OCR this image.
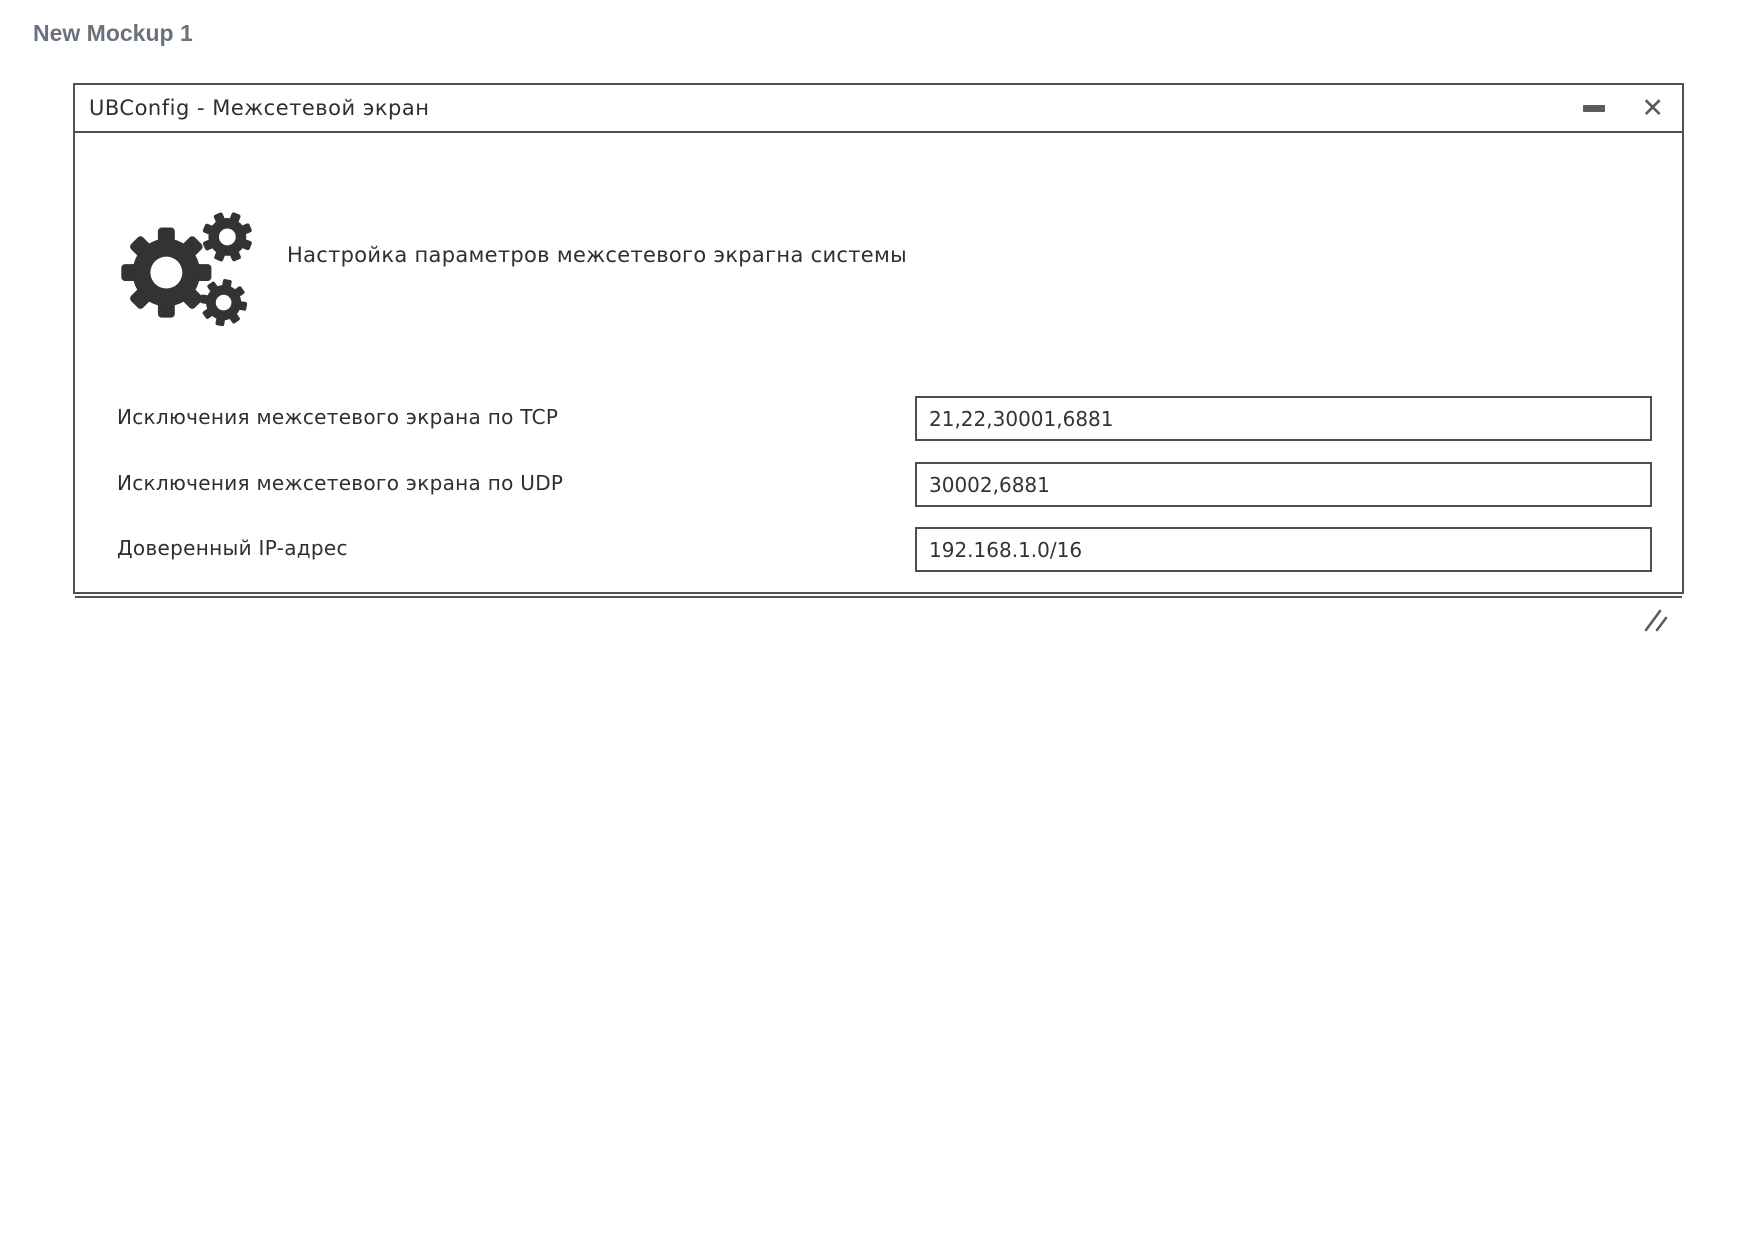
New Mockup 1
UBConfig - Межсетевой экран	✕
Настройка параметров межсетевого экрагна системы
Исключения межсетевого экрана по TCP
21,22,30001,6881
Исключения межсетевого экрана по UDP
30002,6881
Доверенный IP-адрес
192.168.1.0/16
